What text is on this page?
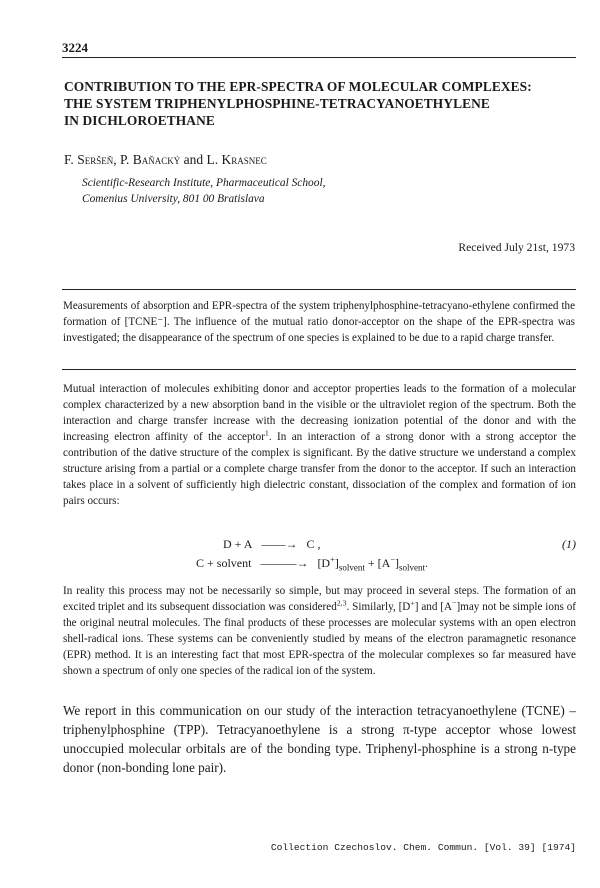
3224
CONTRIBUTION TO THE EPR-SPECTRA OF MOLECULAR COMPLEXES:
THE SYSTEM TRIPHENYLPHOSPHINE-TETRACYANOETHYLENE
IN DICHLOROETHANE
F. Seršeň, P. Baňacký and L. Krasnec
Scientific-Research Institute, Pharmaceutical School,
Comenius University, 801 00 Bratislava
Received July 21st, 1973
Measurements of absorption and EPR-spectra of the system triphenylphosphine-tetracyano-ethylene confirmed the formation of [TCNE⁻]. The influence of the mutual ratio donor-acceptor on the shape of the EPR-spectra was investigated; the disappearance of the spectrum of one species is explained to be due to a rapid charge transfer.
Mutual interaction of molecules exhibiting donor and acceptor properties leads to the formation of a molecular complex characterized by a new absorption band in the visible or the ultraviolet region of the spectrum. Both the interaction and charge transfer increase with the decreasing ionization potential of the donor and with the increasing electron affinity of the acceptor$^1$. In an interaction of a strong donor with a strong acceptor the contribution of the dative structure of the complex is significant. By the dative structure we understand a complex structure arising from a partial or a complete charge transfer from the donor to the acceptor. If such an interaction takes place in a solvent of sufficiently high dielectric constant, dissociation of the complex and formation of ion pairs occurs:
D + A ——→ C ,
C + solvent ———→ $[D^+]_{solvent} + [A^-]_{solvent}$.
(1)
In reality this process may not be necessarily so simple, but may proceed in several steps. The formation of an excited triplet and its subsequent dissociation was considered$^{2,3}$. Similarly, [D+] and [A−]may not be simple ions of the original neutral molecules. The final products of these processes are molecular systems with an open electron shell-radical ions. These systems can be conveniently studied by means of the electron paramagnetic resonance (EPR) method. It is an interesting fact that most EPR-spectra of the molecular complexes so far measured have shown a spectrum of only one species of the radical ion of the system.
We report in this communication on our study of the interaction tetracyanoethylene (TCNE) – triphenylphosphine (TPP). Tetracyanoethylene is a strong π-type acceptor whose lowest unoccupied molecular orbitals are of the bonding type. Triphenyl-phosphine is a strong n-type donor (non-bonding lone pair).
Collection Czechoslov. Chem. Commun. [Vol. 39] [1974]
